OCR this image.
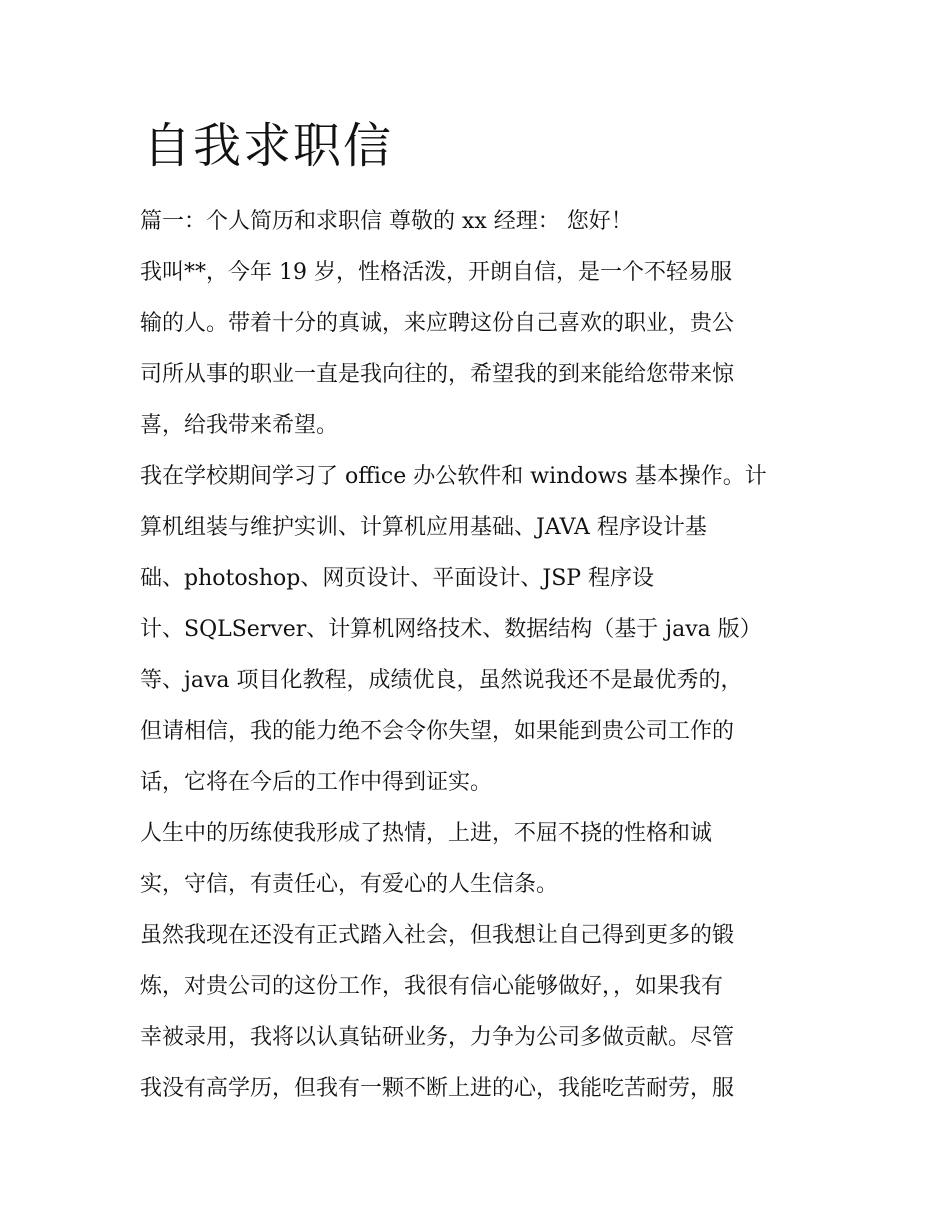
自我求职信

篇一：个人简历和求职信 尊敬的 xx 经理： 您好！

我叫**，今年 19 岁，性格活泼，开朗自信，是一个不轻易服

输的人。带着十分的真诚，来应聘这份自己喜欢的职业，贵公

司所从事的职业一直是我向往的，希望我的到来能给您带来惊

喜，给我带来希望。

我在学校期间学习了 office 办公软件和 windows 基本操作。计

算机组装与维护实训、计算机应用基础、JAVA 程序设计基

础、photoshop、网页设计、平面设计、JSP 程序设

计、SQLServer、计算机网络技术、数据结构（基于 java 版）

等、java 项目化教程，成绩优良，虽然说我还不是最优秀的，

但请相信，我的能力绝不会令你失望，如果能到贵公司工作的

话，它将在今后的工作中得到证实。

人生中的历练使我形成了热情，上进，不屈不挠的性格和诚

实，守信，有责任心，有爱心的人生信条。

虽然我现在还没有正式踏入社会，但我想让自己得到更多的锻

炼，对贵公司的这份工作，我很有信心能够做好，，如果我有

幸被录用，我将以认真钻研业务，力争为公司多做贡献。尽管

我没有高学历，但我有一颗不断上进的心，我能吃苦耐劳，服
